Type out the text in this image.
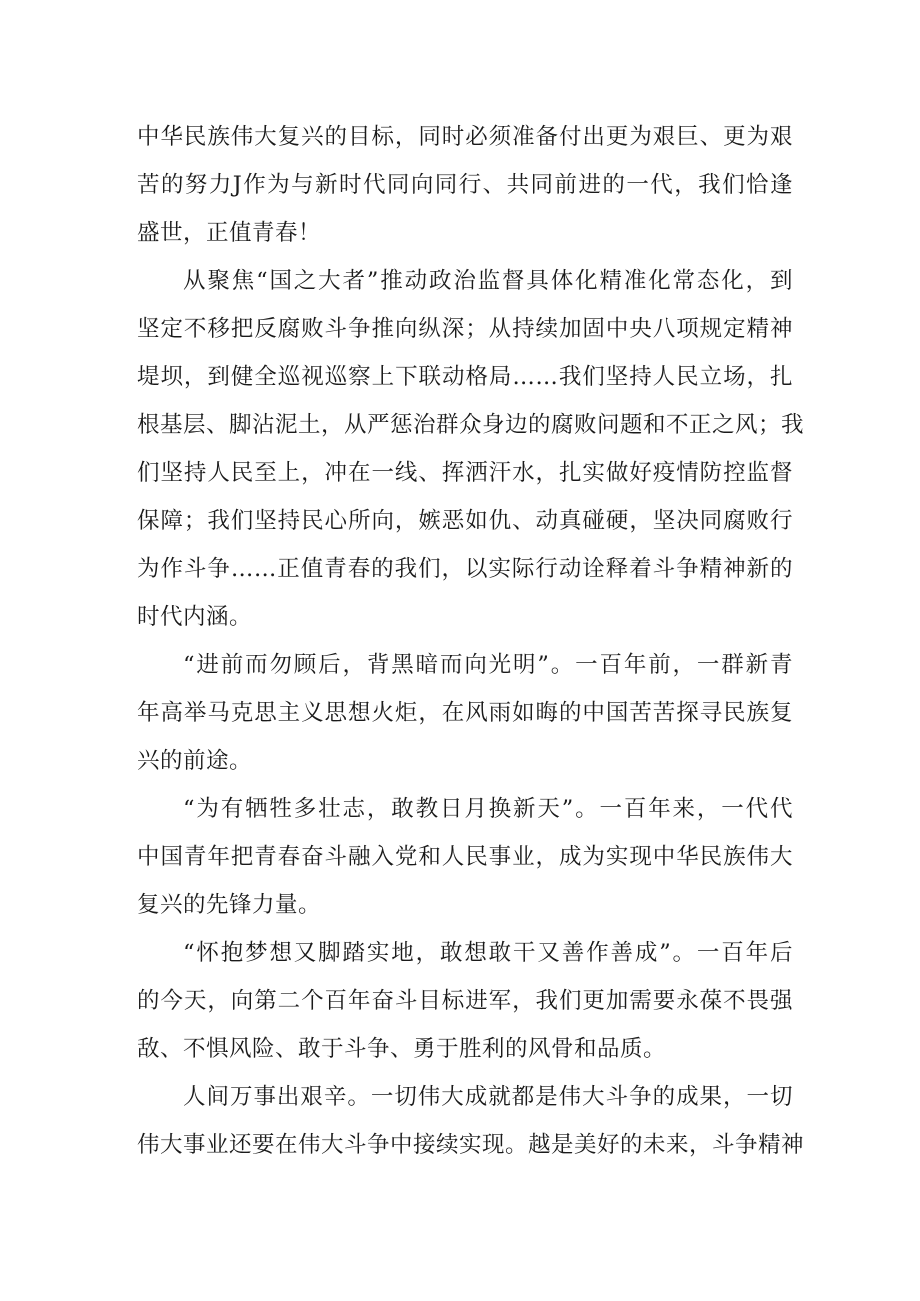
中华民族伟大复兴的目标，同时必须准备付出更为艰巨、更为艰
苦的努力J作为与新时代同向同行、共同前进的一代，我们恰逢
盛世，正值青春！
从聚焦“国之大者”推动政治监督具体化精准化常态化，到
坚定不移把反腐败斗争推向纵深；从持续加固中央八项规定精神
堤坝，到健全巡视巡察上下联动格局……我们坚持人民立场，扎
根基层、脚沾泥土，从严惩治群众身边的腐败问题和不正之风；我
们坚持人民至上，冲在一线、挥洒汗水，扎实做好疫情防控监督
保障；我们坚持民心所向，嫉恶如仇、动真碰硬，坚决同腐败行
为作斗争……正值青春的我们，以实际行动诠释着斗争精神新的
时代内涵。
“进前而勿顾后，背黑暗而向光明”。一百年前，一群新青
年高举马克思主义思想火炬，在风雨如晦的中国苦苦探寻民族复
兴的前途。
“为有牺牲多壮志，敢教日月换新天”。一百年来，一代代
中国青年把青春奋斗融入党和人民事业，成为实现中华民族伟大
复兴的先锋力量。
“怀抱梦想又脚踏实地，敢想敢干又善作善成”。一百年后
的今天，向第二个百年奋斗目标进军，我们更加需要永葆不畏强
敌、不惧风险、敢于斗争、勇于胜利的风骨和品质。
人间万事出艰辛。一切伟大成就都是伟大斗争的成果，一切
伟大事业还要在伟大斗争中接续实现。越是美好的未来，斗争精神
